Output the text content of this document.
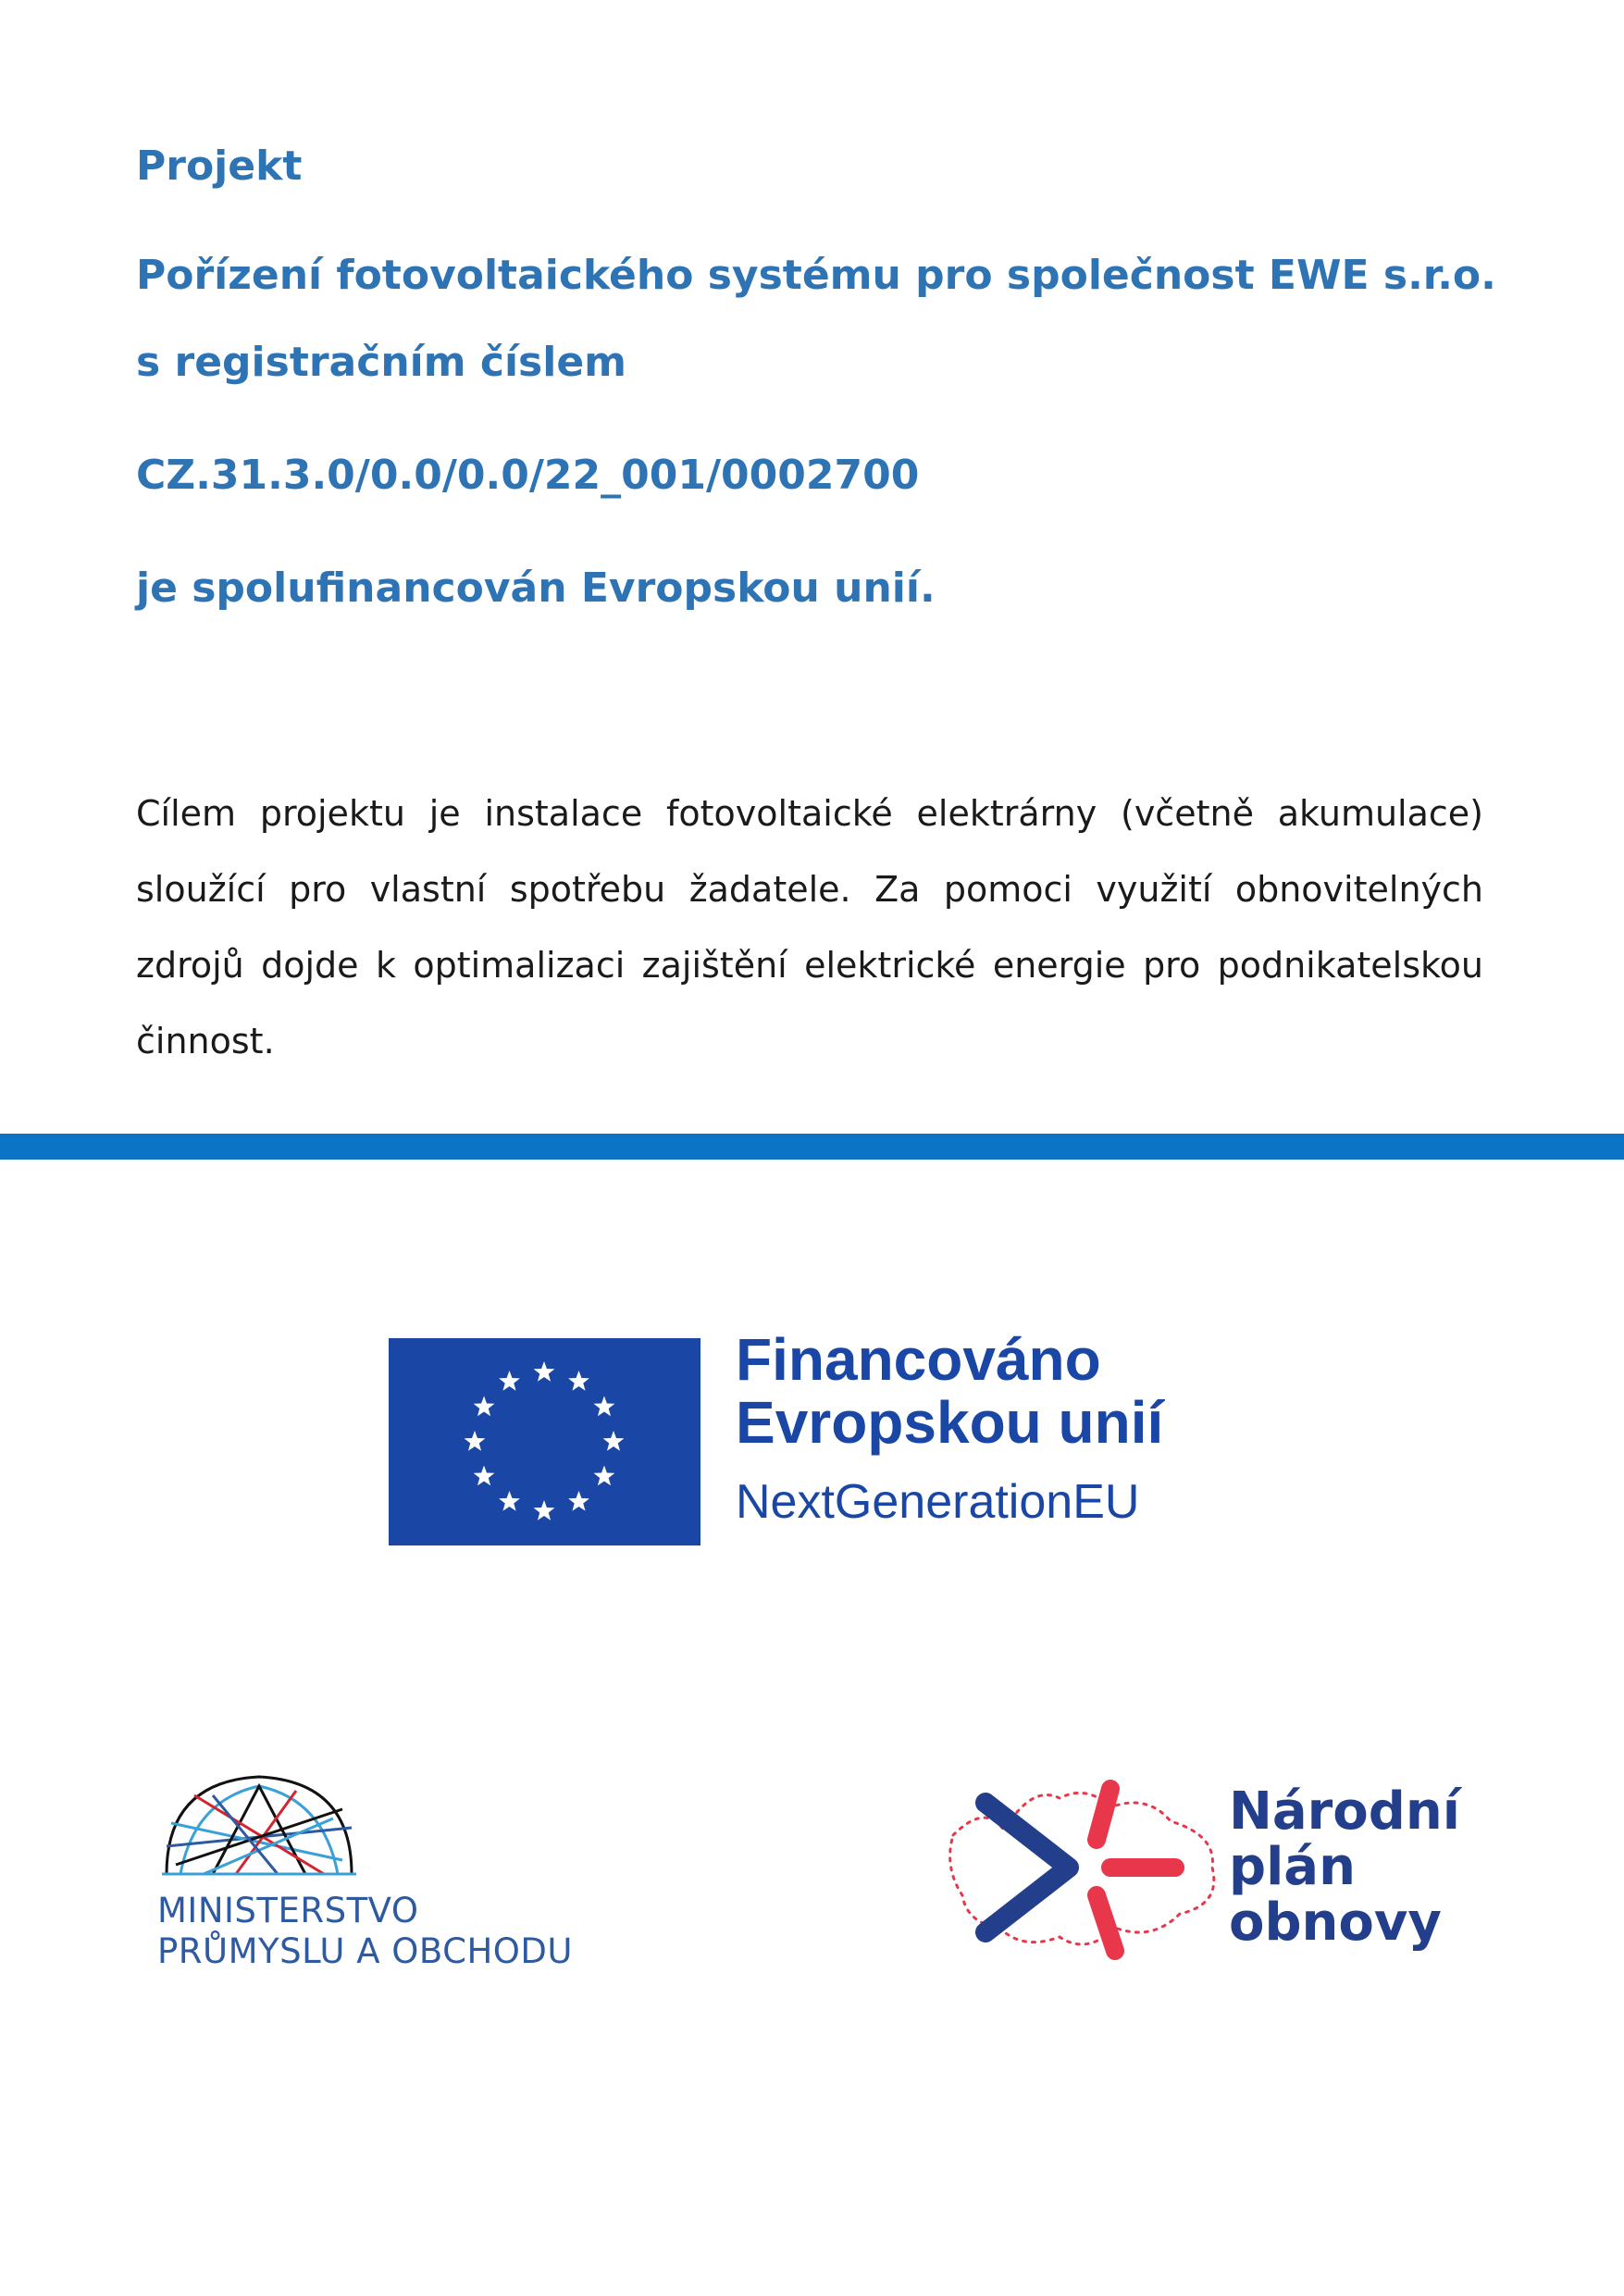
Projekt
Pořízení fotovoltaického systému pro společnost EWE s.r.o.
s registračním číslem
CZ.31.3.0/0.0/0.0/22_001/0002700
je spolufinancován Evropskou unií.

Cílem projektu je instalace fotovoltaické elektrárny (včetně akumulace) sloužící pro vlastní spotřebu žadatele. Za pomoci využití obnovitelných zdrojů dojde k optimalizaci zajištění elektrické energie pro podnikatelskou činnost.

Financováno
Evropskou unií
NextGenerationEU
MINISTERSTVO
PRŮMYSLU A OBCHODU
Národní
plán
obnovy
